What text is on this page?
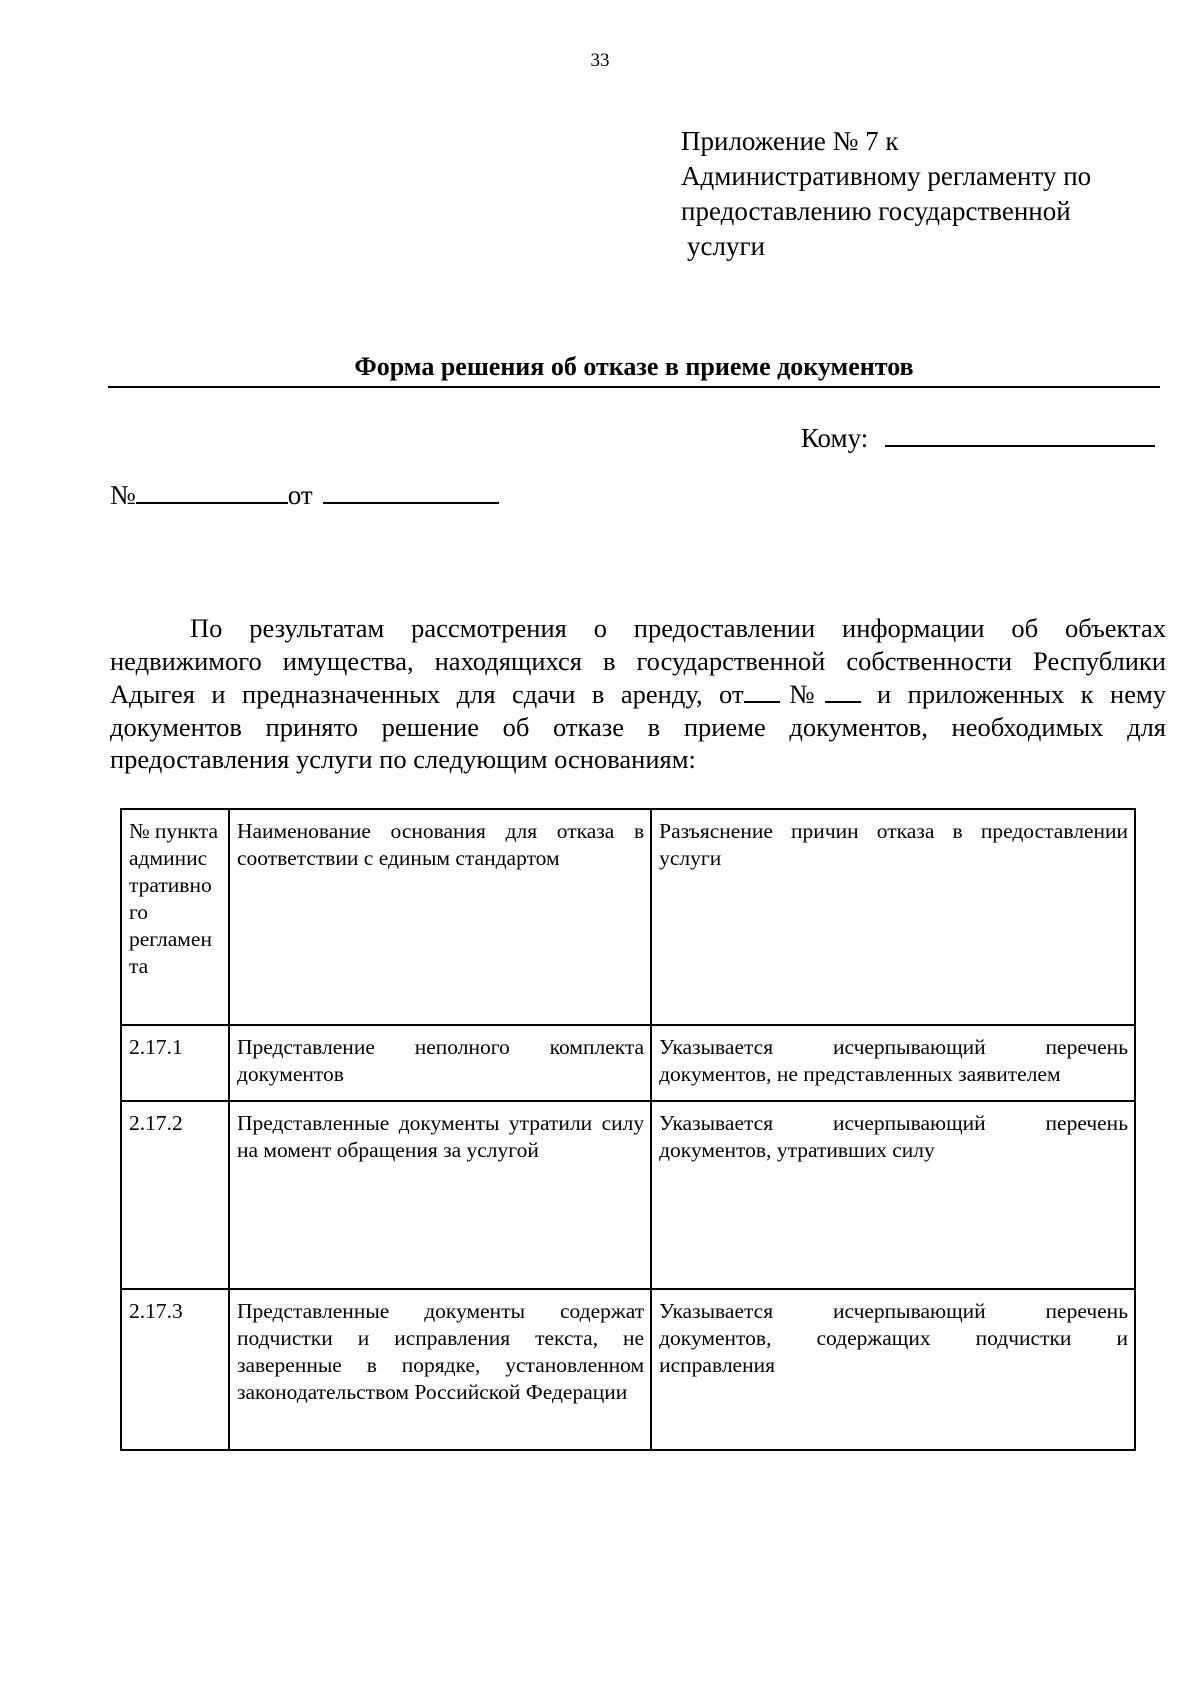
33
Приложение № 7 к
Административному регламенту по
предоставлению государственной
услуги
Форма решения об отказе в приеме документов
Кому:
№	от

По результатам рассмотрения о предоставлении информации об объектах недвижимого имущества, находящихся в государственной собственности Республики Адыгея и предназначенных для сдачи в аренду, от № и приложенных к нему документов принято решение об отказе в приеме документов, необходимых для предоставления услуги по следующим основаниям:

№ пункта админис тративно го регламен та	Наименование основания для отказа в соответствии с единым стандартом	Разъяснение причин отказа в предоставлении услуги
2.17.1	Представление неполного комплекта документов	Указывается исчерпывающий перечень документов, не представленных заявителем
2.17.2	Представленные документы утратили силу на момент обращения за услугой	Указывается исчерпывающий перечень документов, утративших силу
2.17.3	Представленные документы содержат подчистки и исправления текста, не заверенные в порядке, установленном законодательством Российской Федерации	Указывается исчерпывающий перечень документов, содержащих подчистки и исправления
